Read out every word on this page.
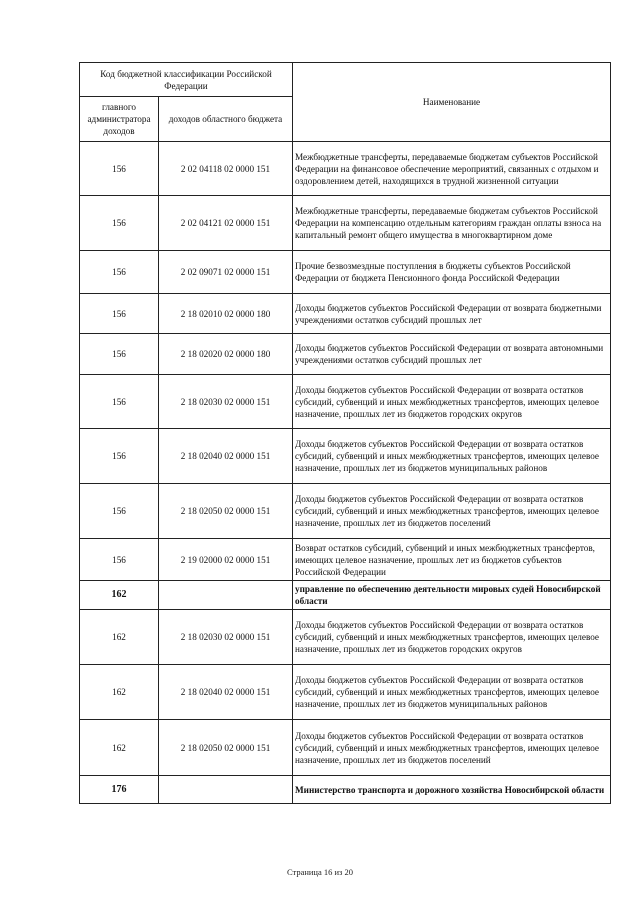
Код бюджетной классификации Российской Федерации		Наименование
главного администратора доходов	доходов областного бюджета	
156	2 02 04118 02 0000 151	Межбюджетные трансферты, передаваемые бюджетам субъектов Российской Федерации на финансовое обеспечение мероприятий, связанных с отдыхом и оздоровлением детей, находящихся в трудной жизненной ситуации
156	2 02 04121 02 0000 151	Межбюджетные трансферты, передаваемые бюджетам субъектов Российской Федерации на компенсацию отдельным категориям граждан оплаты взноса на капитальный ремонт общего имущества в многоквартирном доме
156	2 02 09071 02 0000 151	Прочие безвозмездные поступления в бюджеты субъектов Российской Федерации от бюджета Пенсионного фонда Российской Федерации
156	2 18 02010 02 0000 180	Доходы бюджетов субъектов Российской Федерации от возврата бюджетными учреждениями остатков субсидий прошлых лет
156	2 18 02020 02 0000 180	Доходы бюджетов субъектов Российской Федерации от возврата автономными учреждениями остатков субсидий прошлых лет
156	2 18 02030 02 0000 151	Доходы бюджетов субъектов Российской Федерации от возврата остатков субсидий, субвенций и иных межбюджетных трансфертов, имеющих целевое назначение, прошлых лет из бюджетов городских округов
156	2 18 02040 02 0000 151	Доходы бюджетов субъектов Российской Федерации от возврата остатков субсидий, субвенций и иных межбюджетных трансфертов, имеющих целевое назначение, прошлых лет из бюджетов муниципальных районов
156	2 18 02050 02 0000 151	Доходы бюджетов субъектов Российской Федерации от возврата остатков субсидий, субвенций и иных межбюджетных трансфертов, имеющих целевое назначение, прошлых лет из бюджетов поселений
156	2 19 02000 02 0000 151	Возврат остатков субсидий, субвенций и иных межбюджетных трансфертов, имеющих целевое назначение, прошлых лет из бюджетов субъектов Российской Федерации
162		управление по обеспечению деятельности мировых судей Новосибирской области
162	2 18 02030 02 0000 151	Доходы бюджетов субъектов Российской Федерации от возврата остатков субсидий, субвенций и иных межбюджетных трансфертов, имеющих целевое назначение, прошлых лет из бюджетов городских округов
162	2 18 02040 02 0000 151	Доходы бюджетов субъектов Российской Федерации от возврата остатков субсидий, субвенций и иных межбюджетных трансфертов, имеющих целевое назначение, прошлых лет из бюджетов муниципальных районов
162	2 18 02050 02 0000 151	Доходы бюджетов субъектов Российской Федерации от возврата остатков субсидий, субвенций и иных межбюджетных трансфертов, имеющих целевое назначение, прошлых лет из бюджетов поселений
176		Министерство транспорта и дорожного хозяйства Новосибирской области
Страница 16 из 20
